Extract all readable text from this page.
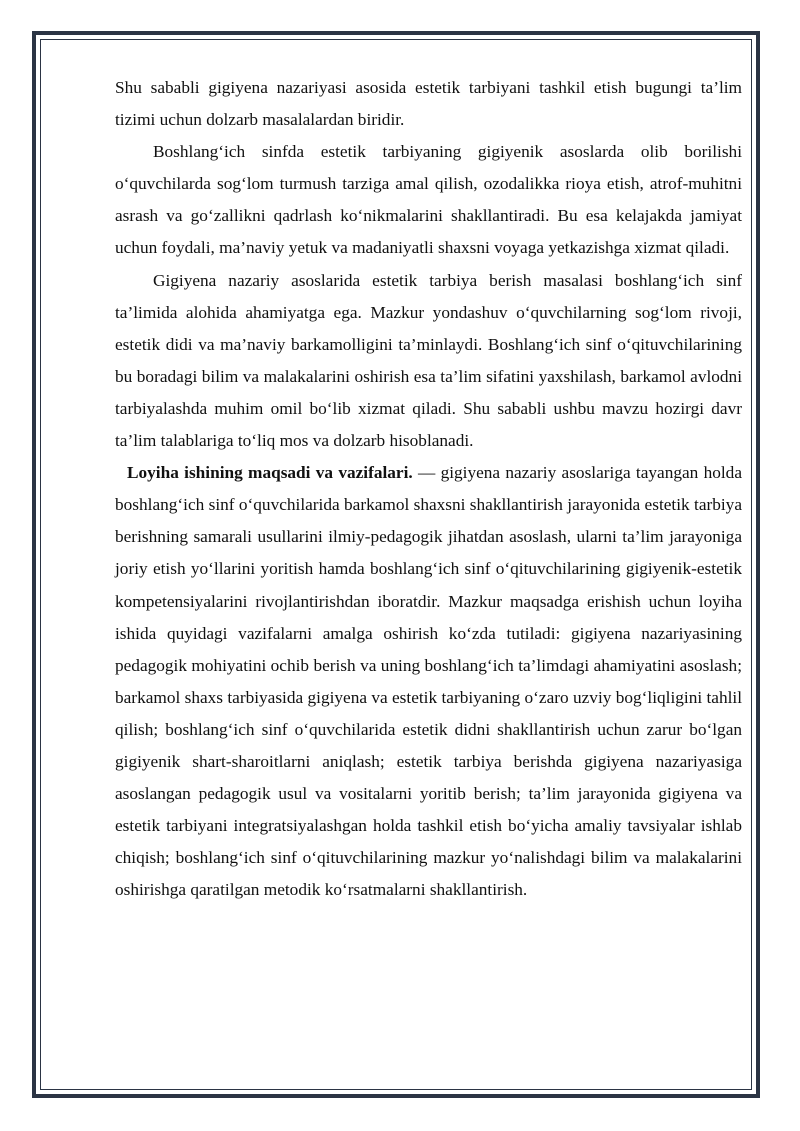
Shu sababli gigiyena nazariyasi asosida estetik tarbiyani tashkil etish bugungi ta’lim tizimi uchun dolzarb masalalardan biridir.

Boshlang‘ich sinfda estetik tarbiyaning gigiyenik asoslarda olib borilishi o‘quvchilarda sog‘lom turmush tarziga amal qilish, ozodalikka rioya etish, atrof-muhitni asrash va go‘zallikni qadrlash ko‘nikmalarini shakllantiradi. Bu esa kelajakda jamiyat uchun foydali, ma’naviy yetuk va madaniyatli shaxsni voyaga yetkazishga xizmat qiladi.

Gigiyena nazariy asoslarida estetik tarbiya berish masalasi boshlang‘ich sinf ta’limida alohida ahamiyatga ega. Mazkur yondashuv o‘quvchilarning sog‘lom rivoji, estetik didi va ma’naviy barkamolligini ta’minlaydi. Boshlang‘ich sinf o‘qituvchilarining bu boradagi bilim va malakalarini oshirish esa ta’lim sifatini yaxshilash, barkamol avlodni tarbiyalashda muhim omil bo‘lib xizmat qiladi. Shu sababli ushbu mavzu hozirgi davr ta’lim talablariga to‘liq mos va dolzarb hisoblanadi.

Loyiha ishining maqsadi va vazifalari. — gigiyena nazariy asoslariga tayangan holda boshlang‘ich sinf o‘quvchilarida barkamol shaxsni shakllantirish jarayonida estetik tarbiya berishning samarali usullarini ilmiy-pedagogik jihatdan asoslash, ularni ta’lim jarayoniga joriy etish yo‘llarini yoritish hamda boshlang‘ich sinf o‘qituvchilarining gigiyenik-estetik kompetensiyalarini rivojlantirishdan iboratdir. Mazkur maqsadga erishish uchun loyiha ishida quyidagi vazifalarni amalga oshirish ko‘zda tutiladi: gigiyena nazariyasining pedagogik mohiyatini ochib berish va uning boshlang‘ich ta’limdagi ahamiyatini asoslash; barkamol shaxs tarbiyasida gigiyena va estetik tarbiyaning o‘zaro uzviy bog‘liqligini tahlil qilish; boshlang‘ich sinf o‘quvchilarida estetik didni shakllantirish uchun zarur bo‘lgan gigiyenik shart-sharoitlarni aniqlash; estetik tarbiya berishda gigiyena nazariyasiga asoslangan pedagogik usul va vositalarni yoritib berish; ta’lim jarayonida gigiyena va estetik tarbiyani integratsiyalashgan holda tashkil etish bo‘yicha amaliy tavsiyalar ishlab chiqish; boshlang‘ich sinf o‘qituvchilarining mazkur yo‘nalishdagi bilim va malakalarini oshirishga qaratilgan metodik ko‘rsatmalarni shakllantirish.
